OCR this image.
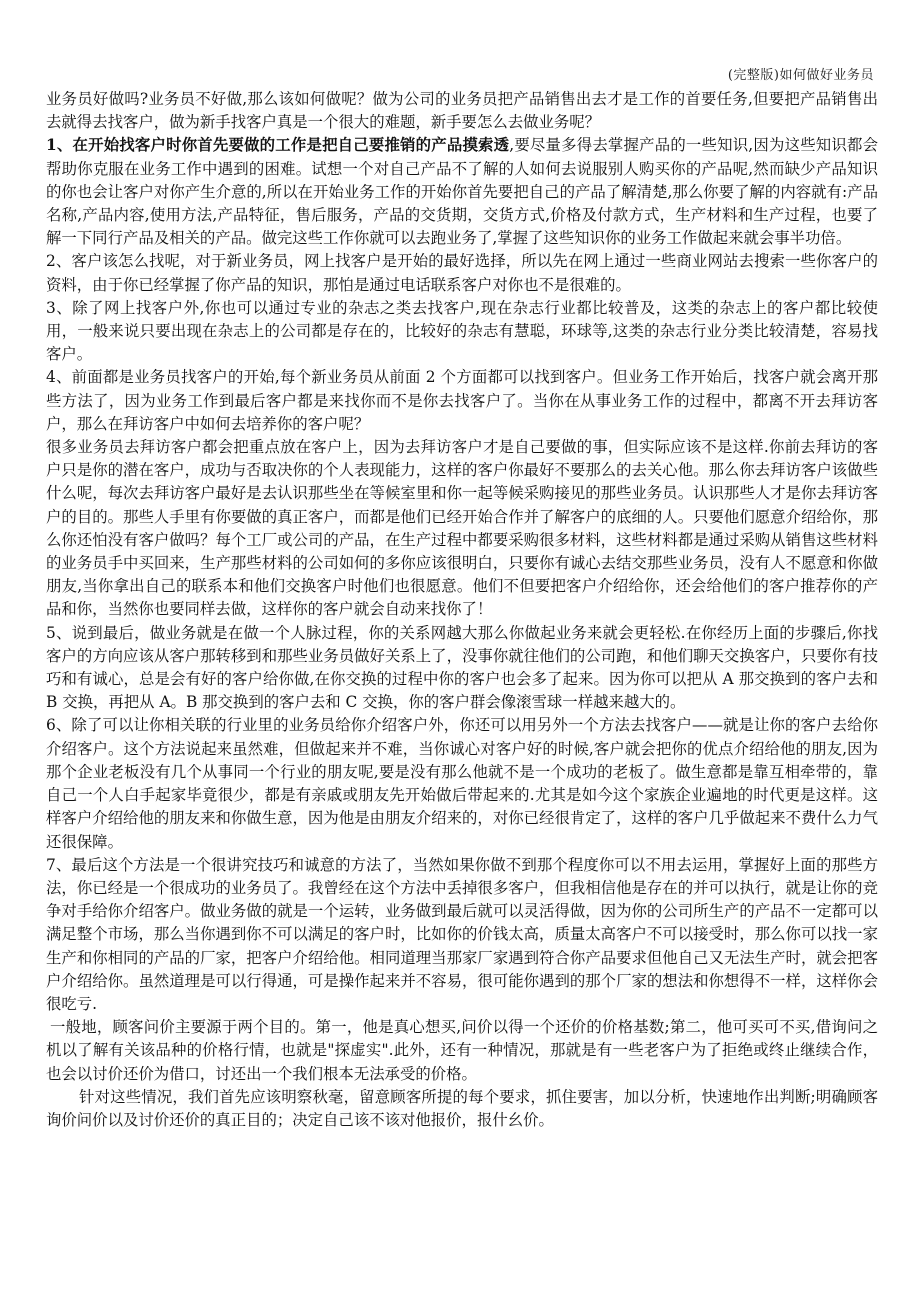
(完整版)如何做好业务员

业务员好做吗?业务员不好做,那么该如何做呢？做为公司的业务员把产品销售出去才是工作的首要任务,但要把产品销售出去就得去找客户，做为新手找客户真是一个很大的难题，新手要怎么去做业务呢？

1、在开始找客户时你首先要做的工作是把自己要推销的产品摸索透,要尽量多得去掌握产品的一些知识,因为这些知识都会帮助你克服在业务工作中遇到的困难。试想一个对自己产品不了解的人如何去说服别人购买你的产品呢,然而缺少产品知识的你也会让客户对你产生介意的,所以在开始业务工作的开始你首先要把自己的产品了解清楚,那么你要了解的内容就有:产品名称,产品内容,使用方法,产品特征，售后服务，产品的交货期，交货方式,价格及付款方式，生产材料和生产过程，也要了解一下同行产品及相关的产品。做完这些工作你就可以去跑业务了,掌握了这些知识你的业务工作做起来就会事半功倍。

2、客户该怎么找呢，对于新业务员，网上找客户是开始的最好选择，所以先在网上通过一些商业网站去搜索一些你客户的资料，由于你已经掌握了你产品的知识，那怕是通过电话联系客户对你也不是很难的。

3、除了网上找客户外,你也可以通过专业的杂志之类去找客户,现在杂志行业都比较普及，这类的杂志上的客户都比较使用，一般来说只要出现在杂志上的公司都是存在的，比较好的杂志有慧聪，环球等,这类的杂志行业分类比较清楚，容易找客户。

4、前面都是业务员找客户的开始,每个新业务员从前面 2 个方面都可以找到客户。但业务工作开始后，找客户就会离开那些方法了，因为业务工作到最后客户都是来找你而不是你去找客户了。当你在从事业务工作的过程中，都离不开去拜访客户，那么在拜访客户中如何去培养你的客户呢？

很多业务员去拜访客户都会把重点放在客户上，因为去拜访客户才是自己要做的事，但实际应该不是这样.你前去拜访的客户只是你的潜在客户，成功与否取决你的个人表现能力，这样的客户你最好不要那么的去关心他。那么你去拜访客户该做些什么呢，每次去拜访客户最好是去认识那些坐在等候室里和你一起等候采购接见的那些业务员。认识那些人才是你去拜访客户的目的。那些人手里有你要做的真正客户，而都是他们已经开始合作并了解客户的底细的人。只要他们愿意介绍给你，那么你还怕没有客户做吗？每个工厂或公司的产品，在生产过程中都要采购很多材料，这些材料都是通过采购从销售这些材料的业务员手中买回来，生产那些材料的公司如何的多你应该很明白，只要你有诚心去结交那些业务员，没有人不愿意和你做朋友,当你拿出自己的联系本和他们交换客户时他们也很愿意。他们不但要把客户介绍给你，还会给他们的客户推荐你的产品和你，当然你也要同样去做，这样你的客户就会自动来找你了！

5、说到最后，做业务就是在做一个人脉过程，你的关系网越大那么你做起业务来就会更轻松.在你经历上面的步骤后,你找客户的方向应该从客户那转移到和那些业务员做好关系上了，没事你就往他们的公司跑，和他们聊天交换客户，只要你有技巧和有诚心，总是会有好的客户给你做,在你交换的过程中你的客户也会多了起来。因为你可以把从 A 那交换到的客户去和 B 交换，再把从 A。B 那交换到的客户去和 C 交换，你的客户群会像滚雪球一样越来越大的。

6、除了可以让你相关联的行业里的业务员给你介绍客户外，你还可以用另外一个方法去找客户——就是让你的客户去给你介绍客户。这个方法说起来虽然难，但做起来并不难，当你诚心对客户好的时候,客户就会把你的优点介绍给他的朋友,因为那个企业老板没有几个从事同一个行业的朋友呢,要是没有那么他就不是一个成功的老板了。做生意都是靠互相牵带的，靠自己一个人白手起家毕竟很少，都是有亲戚或朋友先开始做后带起来的.尤其是如今这个家族企业遍地的时代更是这样。这样客户介绍给他的朋友来和你做生意，因为他是由朋友介绍来的，对你已经很肯定了，这样的客户几乎做起来不费什么力气还很保障。

7、最后这个方法是一个很讲究技巧和诚意的方法了，当然如果你做不到那个程度你可以不用去运用，掌握好上面的那些方法，你已经是一个很成功的业务员了。我曾经在这个方法中丢掉很多客户，但我相信他是存在的并可以执行，就是让你的竞争对手给你介绍客户。做业务做的就是一个运转，业务做到最后就可以灵活得做，因为你的公司所生产的产品不一定都可以满足整个市场，那么当你遇到你不可以满足的客户时，比如你的价钱太高，质量太高客户不可以接受时，那么你可以找一家生产和你相同的产品的厂家，把客户介绍给他。相同道理当那家厂家遇到符合你产品要求但他自己又无法生产时，就会把客户介绍给你。虽然道理是可以行得通，可是操作起来并不容易，很可能你遇到的那个厂家的想法和你想得不一样，这样你会很吃亏.

一般地，顾客问价主要源于两个目的。第一，他是真心想买,问价以得一个还价的价格基数;第二，他可买可不买,借询问之机以了解有关该品种的价格行情，也就是"探虚实".此外，还有一种情况，那就是有一些老客户为了拒绝或终止继续合作，也会以讨价还价为借口，讨还出一个我们根本无法承受的价格。

针对这些情况，我们首先应该明察秋毫，留意顾客所提的每个要求，抓住要害，加以分析，快速地作出判断;明确顾客询价问价以及讨价还价的真正目的；决定自己该不该对他报价，报什幺价。
